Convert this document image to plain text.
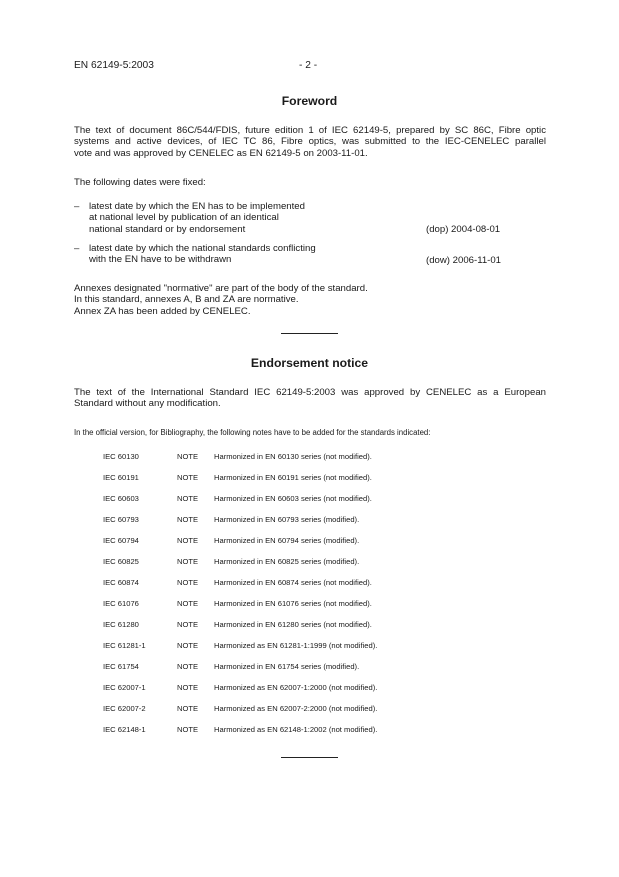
EN 62149-5:2003	- 2 -
Foreword
The text of document 86C/544/FDIS, future edition 1 of IEC 62149-5, prepared by SC 86C, Fibre optic
systems and active devices, of IEC TC 86, Fibre optics, was submitted to the IEC-CENELEC parallel
vote and was approved by CENELEC as EN 62149-5 on 2003-11-01.
The following dates were fixed:
– latest date by which the EN has to be implemented
at national level by publication of an identical
national standard or by endorsement	(dop) 2004-08-01
– latest date by which the national standards conflicting
with the EN have to be withdrawn	(dow) 2006-11-01
Annexes designated "normative" are part of the body of the standard.
In this standard, annexes A, B and ZA are normative.
Annex ZA has been added by CENELEC.
Endorsement notice
The text of the International Standard IEC 62149-5:2003 was approved by CENELEC as a European
Standard without any modification.
In the official version, for Bibliography, the following notes have to be added for the standards indicated:
IEC 60130	NOTE Harmonized in EN 60130 series (not modified).
IEC 60191	NOTE Harmonized in EN 60191 series (not modified).
IEC 60603	NOTE Harmonized in EN 60603 series (not modified).
IEC 60793	NOTE Harmonized in EN 60793 series (modified).
IEC 60794	NOTE Harmonized in EN 60794 series (modified).
IEC 60825	NOTE Harmonized in EN 60825 series (modified).
IEC 60874	NOTE Harmonized in EN 60874 series (not modified).
IEC 61076	NOTE Harmonized in EN 61076 series (not modified).
IEC 61280	NOTE Harmonized in EN 61280 series (not modified).
IEC 61281-1	NOTE Harmonized as EN 61281-1:1999 (not modified).
IEC 61754	NOTE Harmonized in EN 61754 series (modified).
IEC 62007-1	NOTE Harmonized as EN 62007-1:2000 (not modified).
IEC 62007-2	NOTE Harmonized as EN 62007-2:2000 (not modified).
IEC 62148-1	NOTE Harmonized as EN 62148-1:2002 (not modified).
